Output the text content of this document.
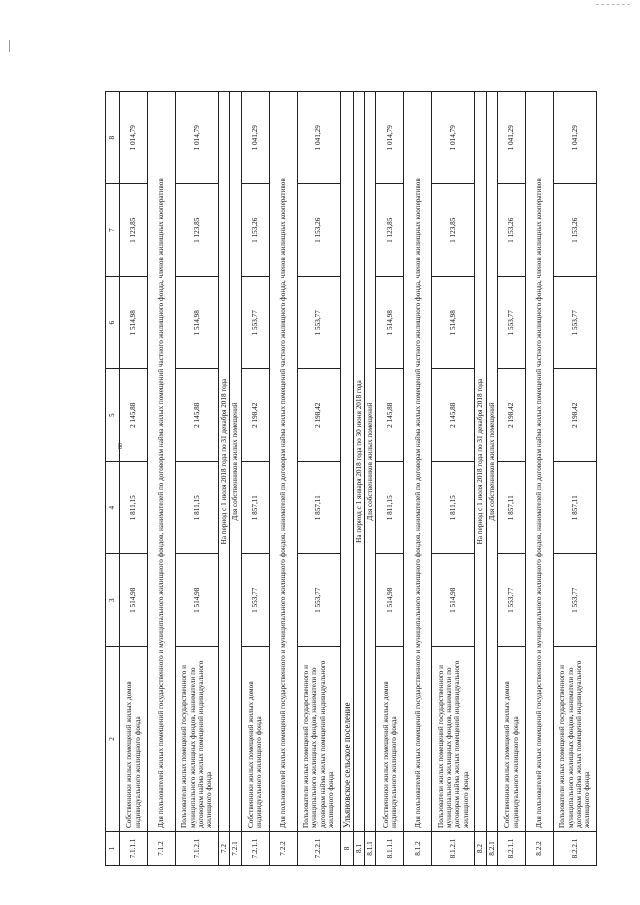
80
1	2	3	4	5	6	7	8
7.1.1.1	Собственники жилых помещений жилых домов индивидуального жилищного фонда	1 514,98	1 811,15	2 145,88	1 514,98	1 123,85	1 014,79
7.1.2	Для пользователей жилых помещений государственного и муниципального жилищного фондов, нанимателей по договорам найма жилых помещений частного жилищного фонда, членов жилищных кооперативов						
7.1.2.1	Пользователи жилых помещений государственного и муниципального жилищных фондов, наниматели по договорам найма жилых помещений индивидуального жилищного фонда	1 514,98	1 811,15	2 145,88	1 514,98	1 123,85	1 014,79
7.2	На период с 1 июля 2018 года по 31 декабря 2018 года						
7.2.1	Для собственников жилых помещений						
7.2.1.1	Собственники жилых помещений жилых домов индивидуального жилищного фонда	1 553,77	1 857,11	2 198,42	1 553,77	1 153,26	1 041,29
7.2.2	Для пользователей жилых помещений государственного и муниципального жилищного фондов, нанимателей по договорам найма жилых помещений частного жилищного фонда, членов жилищных кооперативов						
7.2.2.1	Пользователи жилых помещений государственного и муниципального жилищных фондов, наниматели по договорам найма жилых помещений индивидуального жилищного фонда	1 553,77	1 857,11	2 198,42	1 553,77	1 153,26	1 041,29
8	Ульяновское сельское поселение						
8.1	На период с 1 января 2018 года по 30 июня 2018 года						
8.1.1	Для собственников жилых помещений						
8.1.1.1	Собственники жилых помещений жилых домов индивидуального жилищного фонда	1 514,98	1 811,15	2 145,88	1 514,98	1 123,85	1 014,79
8.1.2	Для пользователей жилых помещений государственного и муниципального жилищного фондов, нанимателей по договорам найма жилых помещений частного жилищного фонда, членов жилищных кооперативов						
8.1.2.1	Пользователи жилых помещений государственного и муниципального жилищных фондов, наниматели по договорам найма жилых помещений индивидуального жилищного фонда	1 514,98	1 811,15	2 145,88	1 514,98	1 123,85	1 014,79
8.2	На период с 1 июля 2018 года по 31 декабря 2018 года						
8.2.1	Для собственников жилых помещений						
8.2.1.1	Собственники жилых помещений жилых домов индивидуального жилищного фонда	1 553,77	1 857,11	2 198,42	1 553,77	1 153,26	1 041,29
8.2.2	Для пользователей жилых помещений государственного и муниципального жилищного фондов, нанимателей по договорам найма жилых помещений частного жилищного фонда, членов жилищных кооперативов						
8.2.2.1	Пользователи жилых помещений государственного и муниципального жилищных фондов, наниматели по договорам найма жилых помещений индивидуального жилищного фонда	1 553,77	1 857,11	2 198,42	1 553,77	1 153,26	1 041,29
